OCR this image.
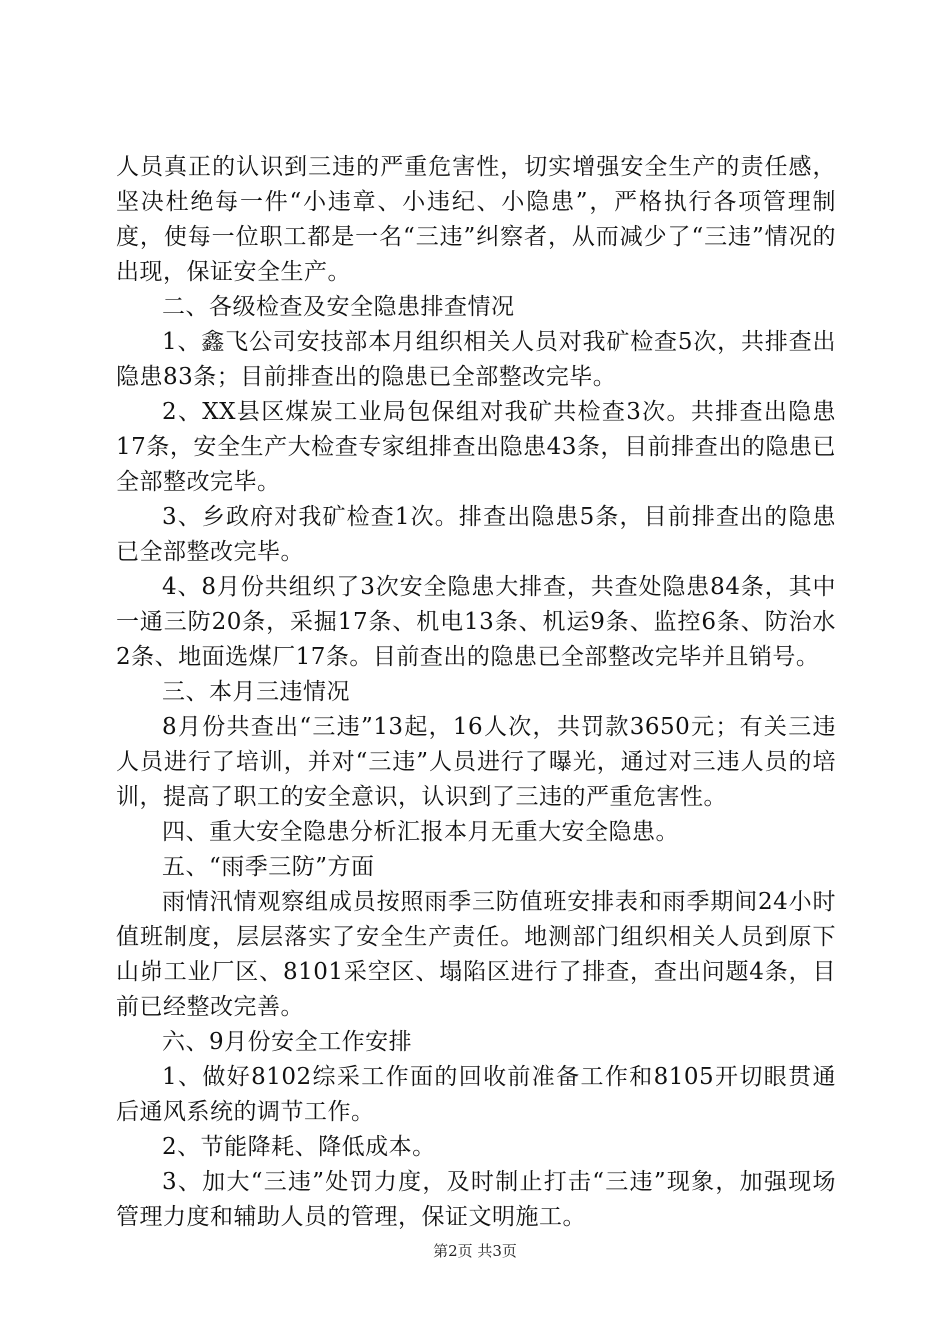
人员真正的认识到三违的严重危害性，切实增强安全生产的责任感，坚决杜绝每一件“小违章、小违纪、小隐患”，严格执行各项管理制度，使每一位职工都是一名“三违”纠察者，从而减少了“三违”情况的出现，保证安全生产。

二、各级检查及安全隐患排查情况

1、鑫飞公司安技部本月组织相关人员对我矿检查5次，共排查出隐患83条；目前排查出的隐患已全部整改完毕。

2、XX县区煤炭工业局包保组对我矿共检查3次。共排查出隐患17条，安全生产大检查专家组排查出隐患43条，目前排查出的隐患已全部整改完毕。

3、乡政府对我矿检查1次。排查出隐患5条，目前排查出的隐患已全部整改完毕。

4、8月份共组织了3次安全隐患大排查，共查处隐患84条，其中一通三防20条，采掘17条、机电13条、机运9条、监控6条、防治水2条、地面选煤厂17条。目前查出的隐患已全部整改完毕并且销号。

三、本月三违情况

8月份共查出“三违”13起，16人次，共罚款3650元；有关三违人员进行了培训，并对“三违”人员进行了曝光，通过对三违人员的培训，提高了职工的安全意识，认识到了三违的严重危害性。

四、重大安全隐患分析汇报本月无重大安全隐患。

五、“雨季三防”方面

雨情汛情观察组成员按照雨季三防值班安排表和雨季期间24小时值班制度，层层落实了安全生产责任。地测部门组织相关人员到原下山峁工业厂区、8101采空区、塌陷区进行了排查，查出问题4条，目前已经整改完善。

六、9月份安全工作安排

1、做好8102综采工作面的回收前准备工作和8105开切眼贯通后通风系统的调节工作。

2、节能降耗、降低成本。

3、加大“三违”处罚力度，及时制止打击“三违”现象，加强现场管理力度和辅助人员的管理，保证文明施工。

第2页 共3页
